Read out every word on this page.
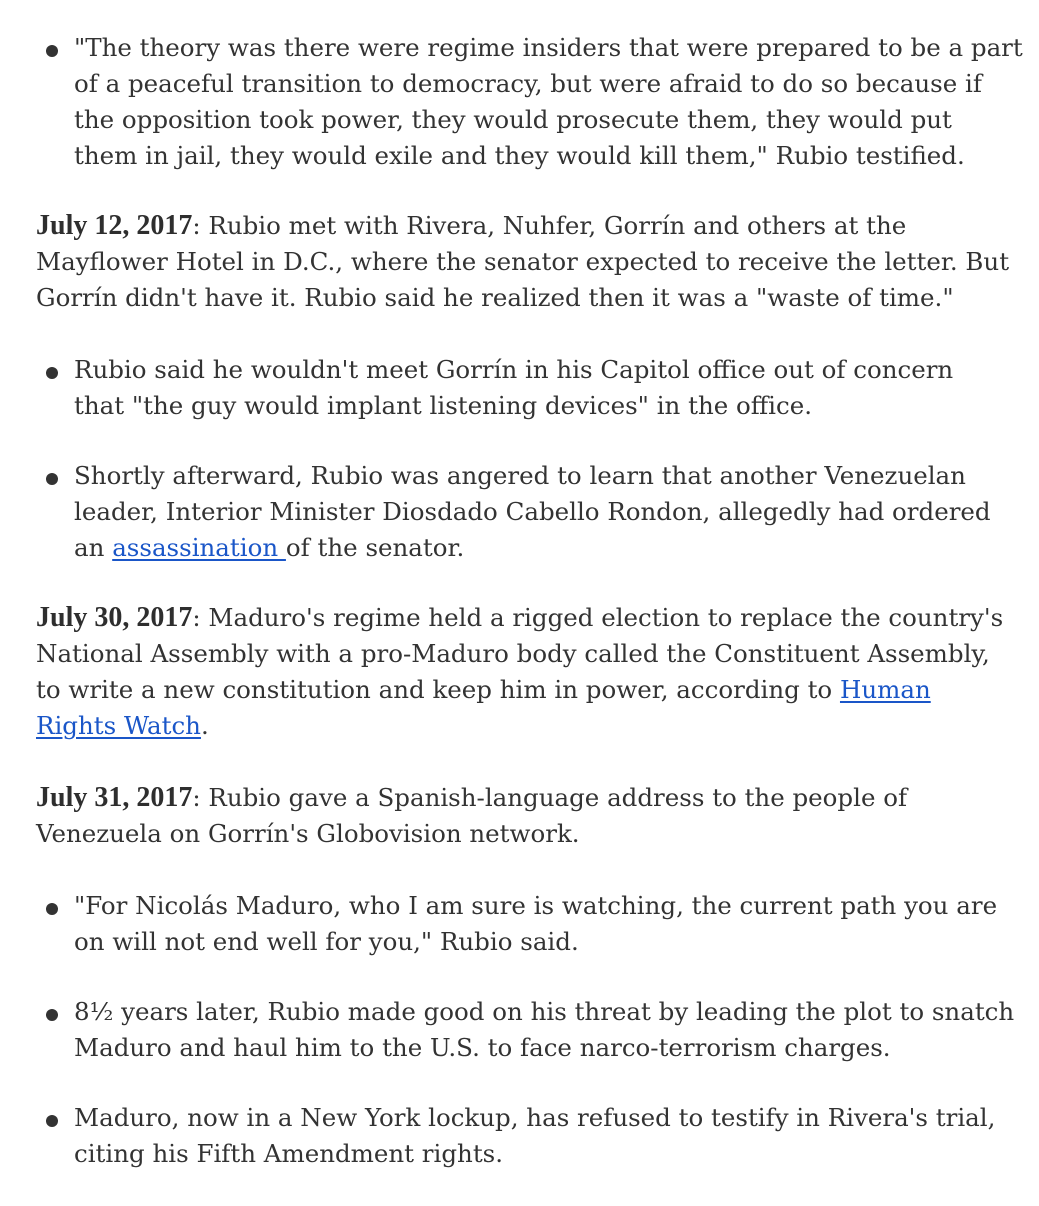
"The theory was there were regime insiders that were prepared to be a part
of a peaceful transition to democracy, but were afraid to do so because if
the opposition took power, they would prosecute them, they would put
them in jail, they would exile and they would kill them," Rubio testified.
July 12, 2017: Rubio met with Rivera, Nuhfer, Gorrín and others at the
Mayflower Hotel in D.C., where the senator expected to receive the letter. But
Gorrín didn't have it. Rubio said he realized then it was a "waste of time."
Rubio said he wouldn't meet Gorrín in his Capitol office out of concern
that "the guy would implant listening devices" in the office.
Shortly afterward, Rubio was angered to learn that another Venezuelan
leader, Interior Minister Diosdado Cabello Rondon, allegedly had ordered
an assassination of the senator.
July 30, 2017: Maduro's regime held a rigged election to replace the country's
National Assembly with a pro-Maduro body called the Constituent Assembly,
to write a new constitution and keep him in power, according to Human
Rights Watch.
July 31, 2017: Rubio gave a Spanish-language address to the people of
Venezuela on Gorrín's Globovision network.
"For Nicolás Maduro, who I am sure is watching, the current path you are
on will not end well for you," Rubio said.
8½ years later, Rubio made good on his threat by leading the plot to snatch
Maduro and haul him to the U.S. to face narco-terrorism charges.
Maduro, now in a New York lockup, has refused to testify in Rivera's trial,
citing his Fifth Amendment rights.
